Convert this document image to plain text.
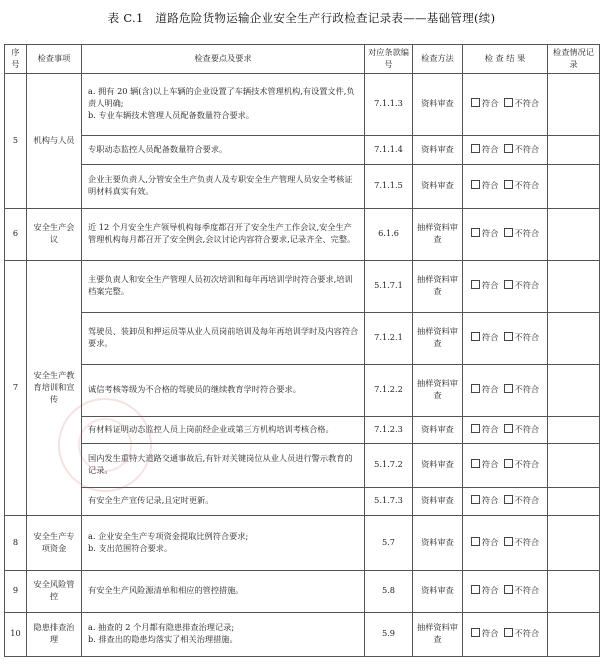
表 C.1　道路危险货物运输企业安全生产行政检查记录表——基础管理(续)
序号	检查事项	检查要点及要求	对应条款编号	检查方法	检 查 结 果	检查情况记录
5	机构与人员	a. 拥有 20 辆(含)以上车辆的企业设置了车辆技术管理机构,有设置文件,负责人明确;
b. 专业车辆技术管理人员配备数量符合要求。	7.1.1.3	资料审查	符合 不符合	
		专职动态监控人员配备数量符合要求。	7.1.1.4	资料审查	符合 不符合	
		企业主要负责人,分管安全生产负责人及专职安全生产管理人员安全考核证明材料真实有效。	7.1.1.5	资料审查	符合 不符合	
6	安全生产会议	近 12 个月安全生产领导机构每季度都召开了安全生产工作会议,安全生产管理机构每月都召开了安全例会,会议讨论内容符合要求,记录齐全、完整。	6.1.6	抽样资料审查	符合 不符合	
7	安全生产教育培训和宣传	主要负责人和安全生产管理人员初次培训和每年再培训学时符合要求,培训档案完整。	5.1.7.1	抽样资料审查	符合 不符合	
		驾驶员、装卸员和押运员等从业人员岗前培训及每年再培训学时及内容符合要求。	7.1.2.1	抽样资料审查	符合 不符合	
		诚信考核等级为不合格的驾驶员的继续教育学时符合要求。	7.1.2.2	抽样资料审查	符合 不符合	
		有材料证明动态监控人员上岗前经企业或第三方机构培训考核合格。	7.1.2.3	资料审查	符合 不符合	
		国内发生重特大道路交通事故后,有针对关键岗位从业人员进行警示教育的记录。	5.1.7.2	资料审查	符合 不符合	
		有安全生产宣传记录,且定时更新。	5.1.7.3	资料审查	符合 不符合	
8	安全生产专项资金	a. 企业安全生产专项资金提取比例符合要求;
b. 支出范围符合要求。	5.7	资料审查	符合 不符合	
9	安全风险管控	有安全生产风险源清单和相应的管控措施。	5.8	资料审查	符合 不符合	
10	隐患排查治理	a. 抽查的 2 个月都有隐患排查治理记录;
b. 排查出的隐患均落实了相关治理措施。	5.9	抽样资料审查	符合 不符合	
